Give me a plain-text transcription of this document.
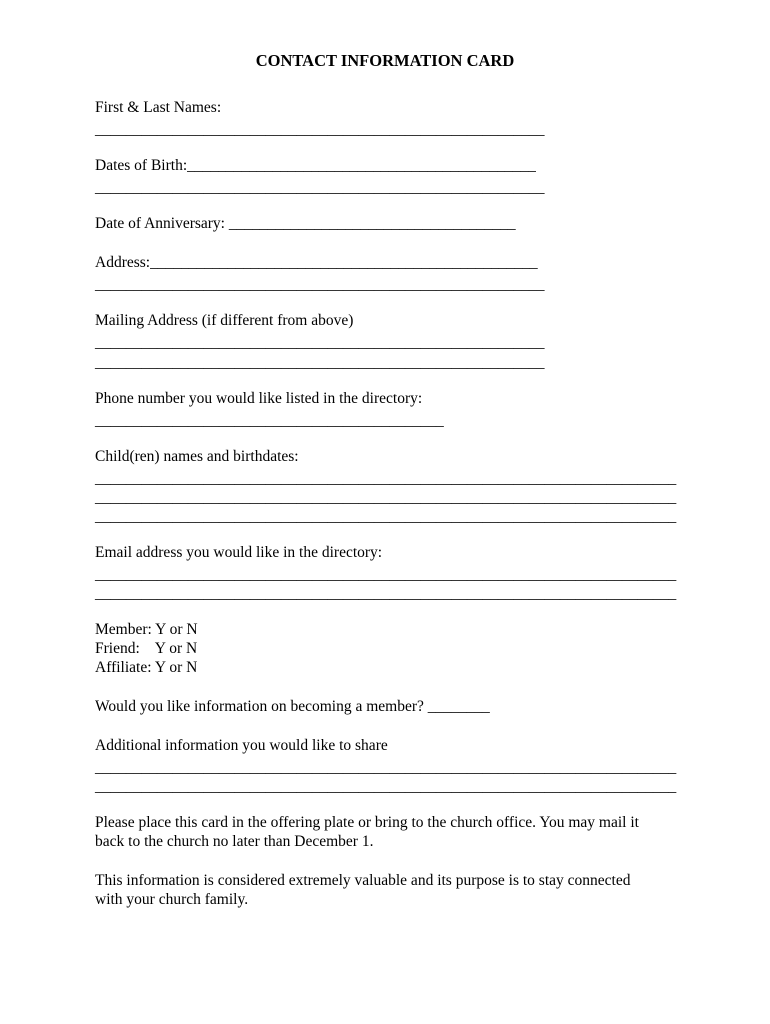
CONTACT INFORMATION CARD

First & Last Names:

__________________________________________________________

Dates of Birth:_____________________________________________

__________________________________________________________

Date of Anniversary: _____________________________________

Address:__________________________________________________

__________________________________________________________

Mailing Address (if different from above)

__________________________________________________________

__________________________________________________________

Phone number you would like listed in the directory:

_____________________________________________

Child(ren) names and birthdates:

___________________________________________________________________________

___________________________________________________________________________

___________________________________________________________________________

Email address you would like in the directory:

___________________________________________________________________________

___________________________________________________________________________

Member: Y or N

Friend:    Y or N

Affiliate: Y or N

Would you like information on becoming a member? ________

Additional information you would like to share

___________________________________________________________________________

___________________________________________________________________________

Please place this card in the offering plate or bring to the church office. You may mail it

back to the church no later than December 1.

This information is considered extremely valuable and its purpose is to stay connected

with your church family.
